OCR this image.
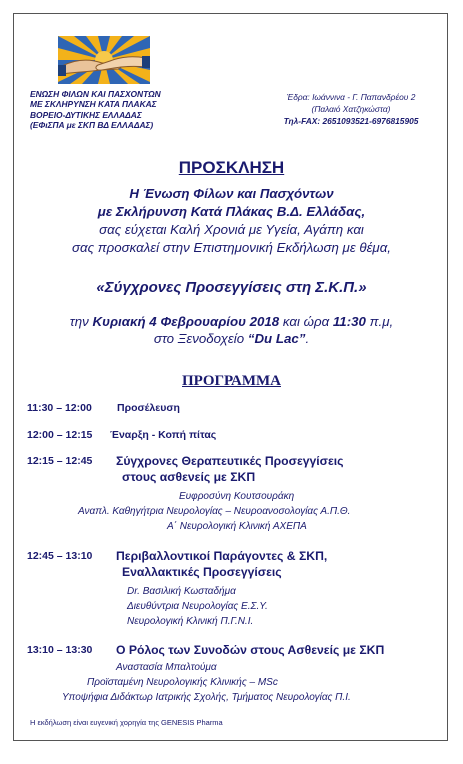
ΕΝΩΣΗ ΦΙΛΩΝ ΚΑΙ ΠΑΣΧΟΝΤΩΝ
ΜΕ ΣΚΛΗΡΥΝΣΗ ΚΑΤΑ ΠΛΑΚΑΣ
ΒΟΡΕΙΟ-ΔΥΤΙΚΗΣ ΕΛΛΑΔΑΣ
(ΕΦιΣΠΑ με ΣΚΠ ΒΔ ΕΛΛΑΔΑΣ)
Έδρα: Ιωάννινα - Γ. Παπανδρέου 2
(Παλαιό Χατζηκώστα)
Τηλ-FAX: 2651093521-6976815905
ΠΡΟΣΚΛΗΣΗ
Η Ένωση Φίλων και Πασχόντων
με Σκλήρυνση Κατά Πλάκας Β.Δ. Ελλάδας,
σας εύχεται Καλή Χρονιά με Υγεία, Αγάπη και
σας προσκαλεί στην Επιστημονική Εκδήλωση με θέμα,
«Σύγχρονες Προσεγγίσεις στη Σ.Κ.Π.»
την Κυριακή 4 Φεβρουαρίου 2018 και ώρα 11:30 π.μ,
στο Ξενοδοχείο “Du Lac”.
ΠΡΟΓΡΑΜΜΑ
11:30 – 12:00 Προσέλευση
12:00 – 12:15 Έναρξη - Κοπή πίτας
12:15 – 12:45 Σύγχρονες Θεραπευτικές Προσεγγίσεις
στους ασθενείς με ΣΚΠ
Ευφροσύνη Κουτσουράκη
Αναπλ. Καθηγήτρια Νευρολογίας – Νευροανοσολογίας Α.Π.Θ.
Α΄ Νευρολογική Κλινική ΑΧΕΠΑ
12:45 – 13:10 Περιβαλλοντικοί Παράγοντες & ΣΚΠ,
Εναλλακτικές Προσεγγίσεις
Dr. Βασιλική Κωσταδήμα
Διευθύντρια Νευρολογίας Ε.Σ.Υ.
Νευρολογική Κλινική Π.Γ.Ν.Ι.
13:10 – 13:30 Ο Ρόλος των Συνοδών στους Ασθενείς με ΣΚΠ
Αναστασία Μπαλτούμα
Προϊσταμένη Νευρολογικής Κλινικής – MSc
Υποψήφια Διδάκτωρ Ιατρικής Σχολής, Τμήματος Νευρολογίας Π.Ι.
Η εκδήλωση είναι ευγενική χορηγία της GENESIS Pharma
